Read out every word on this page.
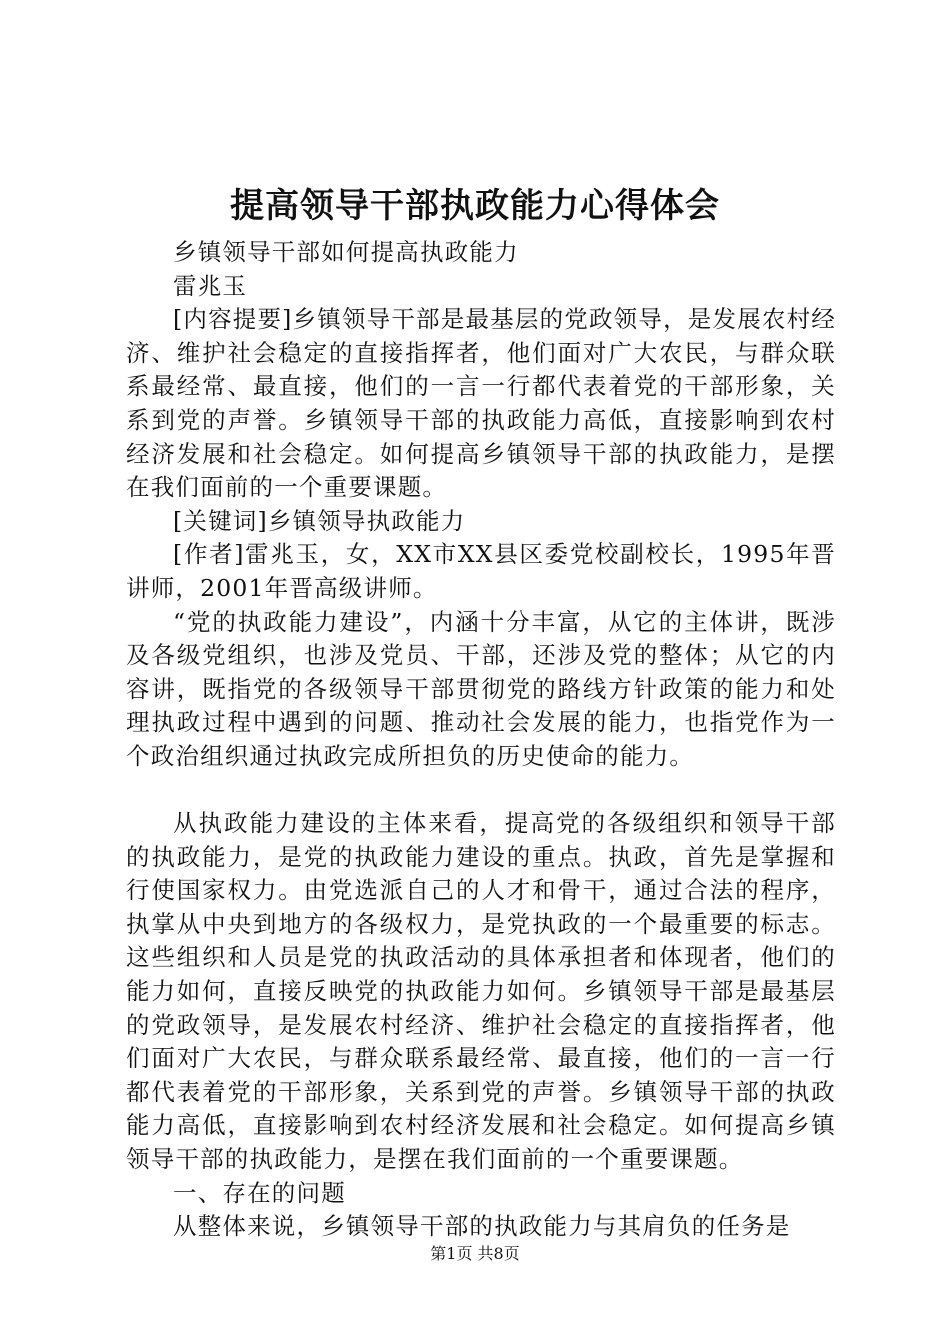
提高领导干部执政能力心得体会

乡镇领导干部如何提高执政能力

雷兆玉

[内容提要]乡镇领导干部是最基层的党政领导，是发展农村经济、维护社会稳定的直接指挥者，他们面对广大农民，与群众联系最经常、最直接，他们的一言一行都代表着党的干部形象，关系到党的声誉。乡镇领导干部的执政能力高低，直接影响到农村经济发展和社会稳定。如何提高乡镇领导干部的执政能力，是摆在我们面前的一个重要课题。

[关键词]乡镇领导执政能力

[作者]雷兆玉，女，XX市XX县区委党校副校长，1995年晋讲师，2001年晋高级讲师。

“党的执政能力建设”，内涵十分丰富，从它的主体讲，既涉及各级党组织，也涉及党员、干部，还涉及党的整体；从它的内容讲，既指党的各级领导干部贯彻党的路线方针政策的能力和处理执政过程中遇到的问题、推动社会发展的能力，也指党作为一个政治组织通过执政完成所担负的历史使命的能力。

从执政能力建设的主体来看，提高党的各级组织和领导干部的执政能力，是党的执政能力建设的重点。执政，首先是掌握和行使国家权力。由党选派自己的人才和骨干，通过合法的程序，执掌从中央到地方的各级权力，是党执政的一个最重要的标志。这些组织和人员是党的执政活动的具体承担者和体现者，他们的能力如何，直接反映党的执政能力如何。乡镇领导干部是最基层的党政领导，是发展农村经济、维护社会稳定的直接指挥者，他们面对广大农民，与群众联系最经常、最直接，他们的一言一行都代表着党的干部形象，关系到党的声誉。乡镇领导干部的执政能力高低，直接影响到农村经济发展和社会稳定。如何提高乡镇领导干部的执政能力，是摆在我们面前的一个重要课题。

一、存在的问题

从整体来说，乡镇领导干部的执政能力与其肩负的任务是

第1页 共8页
